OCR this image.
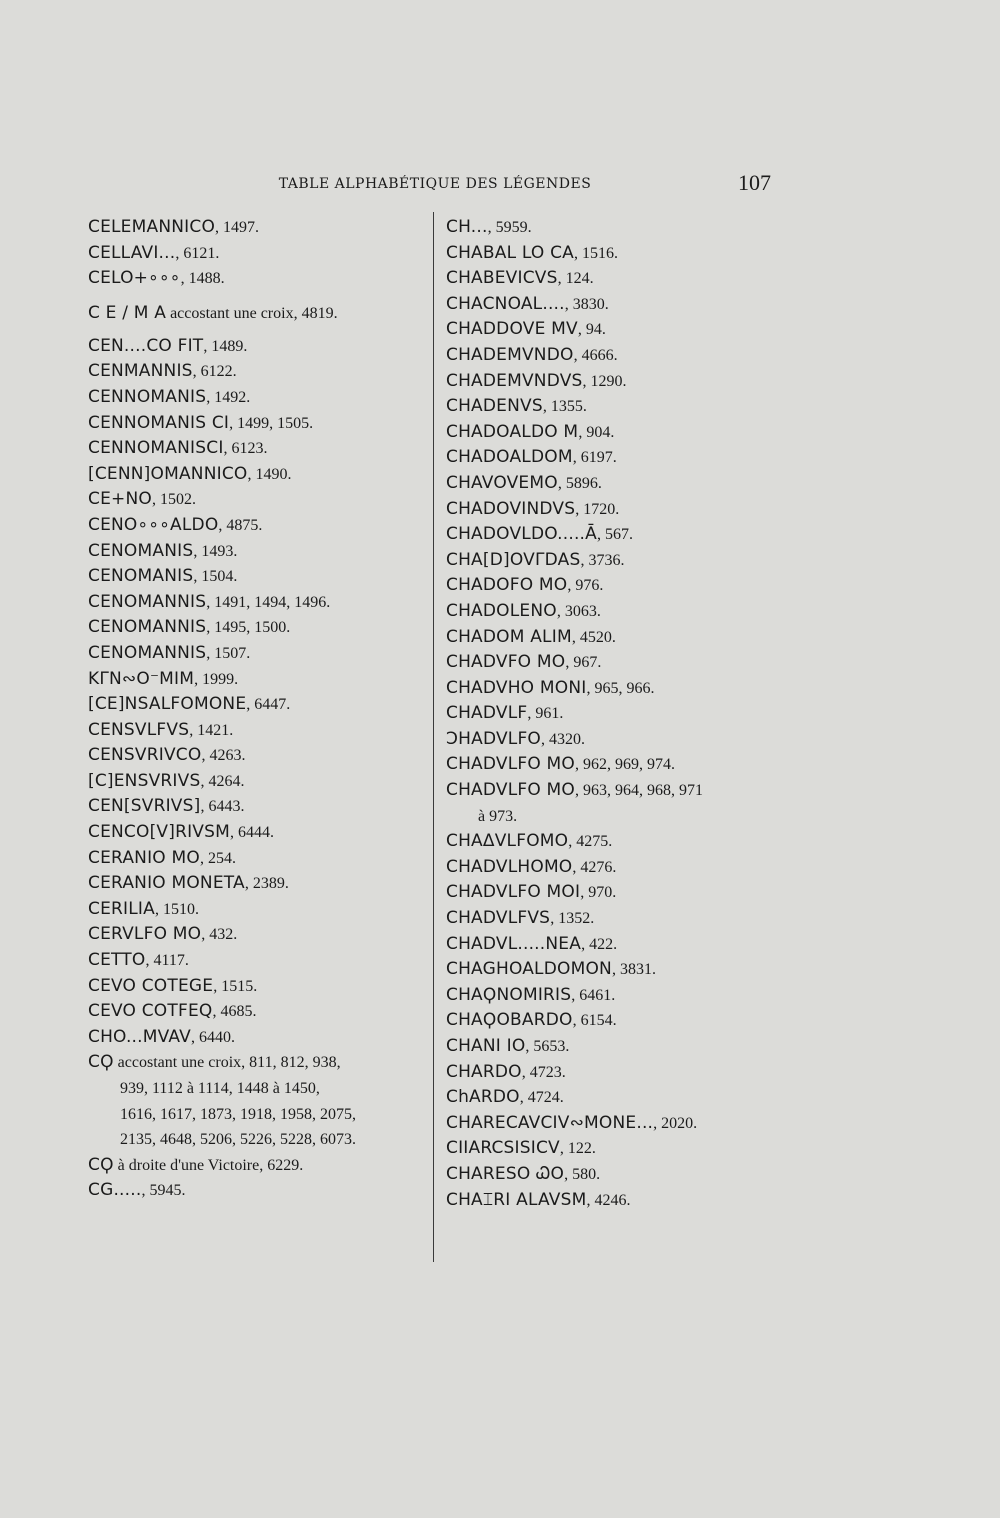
TABLE ALPHABÉTIQUE DES LÉGENDES	107
CELEMANNICO, 1497.
CELLAVI..., 6121.
CELO+∘∘∘, 1488.
C E / M A accostant une croix, 4819.
CEN....CO FIT, 1489.
CENMANNIS, 6122.
CENNOMANIS, 1492.
CENNOMANIS CI, 1499, 1505.
CENNOMANISCI, 6123.
[CENN]OMANNICO, 1490.
CE+NO, 1502.
CENO∘∘∘ALDO, 4875.
CENOMANIS, 1493.
CENOMANIS, 1504.
CENOMANNIS, 1491, 1494, 1496.
CENOMANNIS, 1495, 1500.
CENOMANNIS, 1507.
ΚΓΝ∾Ο⁻ΜΙΜ, 1999.
[CE]NSALFOMONE, 6447.
CENSVLFVS, 1421.
CENSVRIVCO, 4263.
[C]ENSVRIVS, 4264.
CEN[SVRIVS], 6443.
CENCO[V]RIVSM, 6444.
CERANIO MO, 254.
CERANIO MONETA, 2389.
CERILIA, 1510.
CERVLFO MO, 432.
CETTO, 4117.
CEVO COTEGE, 1515.
CEVO COTFEQ, 4685.
CHO...MVAV, 6440.
CϘ accostant une croix, 811, 812, 938,
939, 1112 à 1114, 1448 à 1450,
1616, 1617, 1873, 1918, 1958, 2075,
2135, 4648, 5206, 5226, 5228, 6073.
CϘ à droite d'une Victoire, 6229.
CG....., 5945.
CH..., 5959.
CHABAL LO CA, 1516.
CHABEVICVS, 124.
CHACNOAL...., 3830.
CHADDOVE MV, 94.
CHADEMVNDO, 4666.
CHADEMVNDVS, 1290.
CHADENVS, 1355.
CHADOALDO M, 904.
CHADOALDOM, 6197.
CHAVOVEMO, 5896.
CHADOVINDVS, 1720.
CHADOVLDO.....Ā, 567.
CHA[D]OVΓDAS, 3736.
CHADOFO MO, 976.
CHADOLENO, 3063.
CHADOM ALIM, 4520.
CHADVFO MO, 967.
CHADVHO MONI, 965, 966.
CHADVLF, 961.
ƆHADVLFO, 4320.
CHADVLFO MO, 962, 969, 974.
CHADVLFO MO, 963, 964, 968, 971
à 973.
CHAΔVLFOMO, 4275.
CHADVLHOMO, 4276.
CHADVLFO MOI, 970.
CHADVLFVS, 1352.
CHADVL.....NEA, 422.
CHAGHOALDOMON, 3831.
CHAϘNOMIRIS, 6461.
CHAϘOBARDO, 6154.
CHANI IO, 5653.
CHARDO, 4723.
ChARDO, 4724.
CHARECAVCIV∾MONE..., 2020.
CIIARCSISICV, 122.
CHARESO ᏇO, 580.
CHA⌶RI ALAVSM, 4246.
